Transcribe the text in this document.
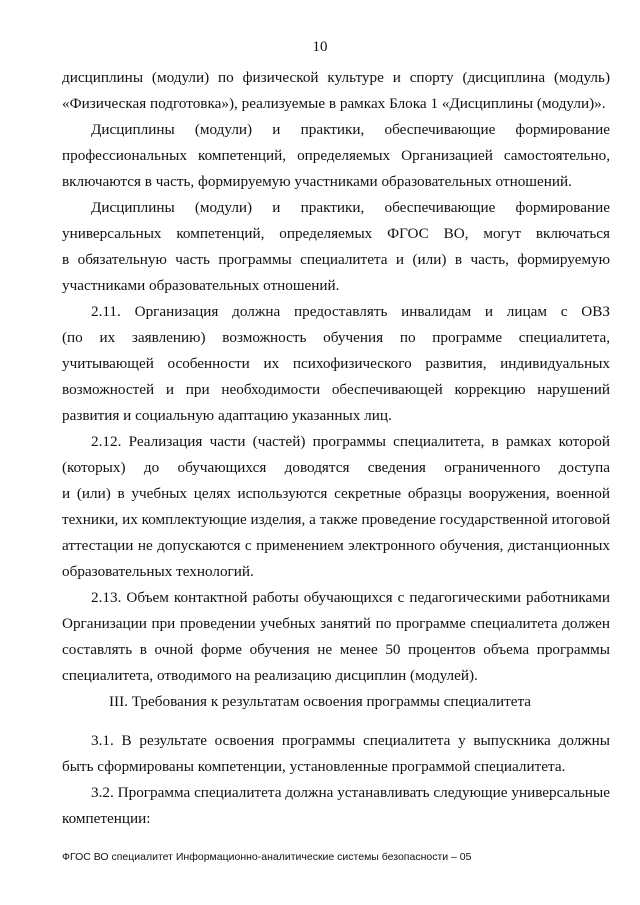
10
дисциплины (модули) по физической культуре и спорту (дисциплина (модуль)
«Физическая подготовка»), реализуемые в рамках Блока 1 «Дисциплины (модули)».
Дисциплины (модули) и практики, обеспечивающие формирование
профессиональных компетенций, определяемых Организацией самостоятельно,
включаются в часть, формируемую участниками образовательных отношений.
Дисциплины (модули) и практики, обеспечивающие формирование
универсальных компетенций, определяемых ФГОС ВО, могут включаться
в обязательную часть программы специалитета и (или) в часть, формируемую
участниками образовательных отношений.
2.11. Организация должна предоставлять инвалидам и лицам с ОВЗ
(по их заявлению) возможность обучения по программе специалитета,
учитывающей особенности их психофизического развития, индивидуальных
возможностей и при необходимости обеспечивающей коррекцию нарушений
развития и социальную адаптацию указанных лиц.
2.12. Реализация части (частей) программы специалитета, в рамках которой
(которых) до обучающихся доводятся сведения ограниченного доступа
и (или) в учебных целях используются секретные образцы вооружения, военной
техники, их комплектующие изделия, а также проведение государственной итоговой
аттестации не допускаются с применением электронного обучения, дистанционных
образовательных технологий.
2.13. Объем контактной работы обучающихся с педагогическими работниками
Организации при проведении учебных занятий по программе специалитета должен
составлять в очной форме обучения не менее 50 процентов объема программы
специалитета, отводимого на реализацию дисциплин (модулей).
III. Требования к результатам освоения программы специалитета
3.1. В результате освоения программы специалитета у выпускника должны
быть сформированы компетенции, установленные программой специалитета.
3.2. Программа специалитета должна устанавливать следующие универсальные
компетенции:
ФГОС ВО специалитет Информационно-аналитические системы безопасности – 05
